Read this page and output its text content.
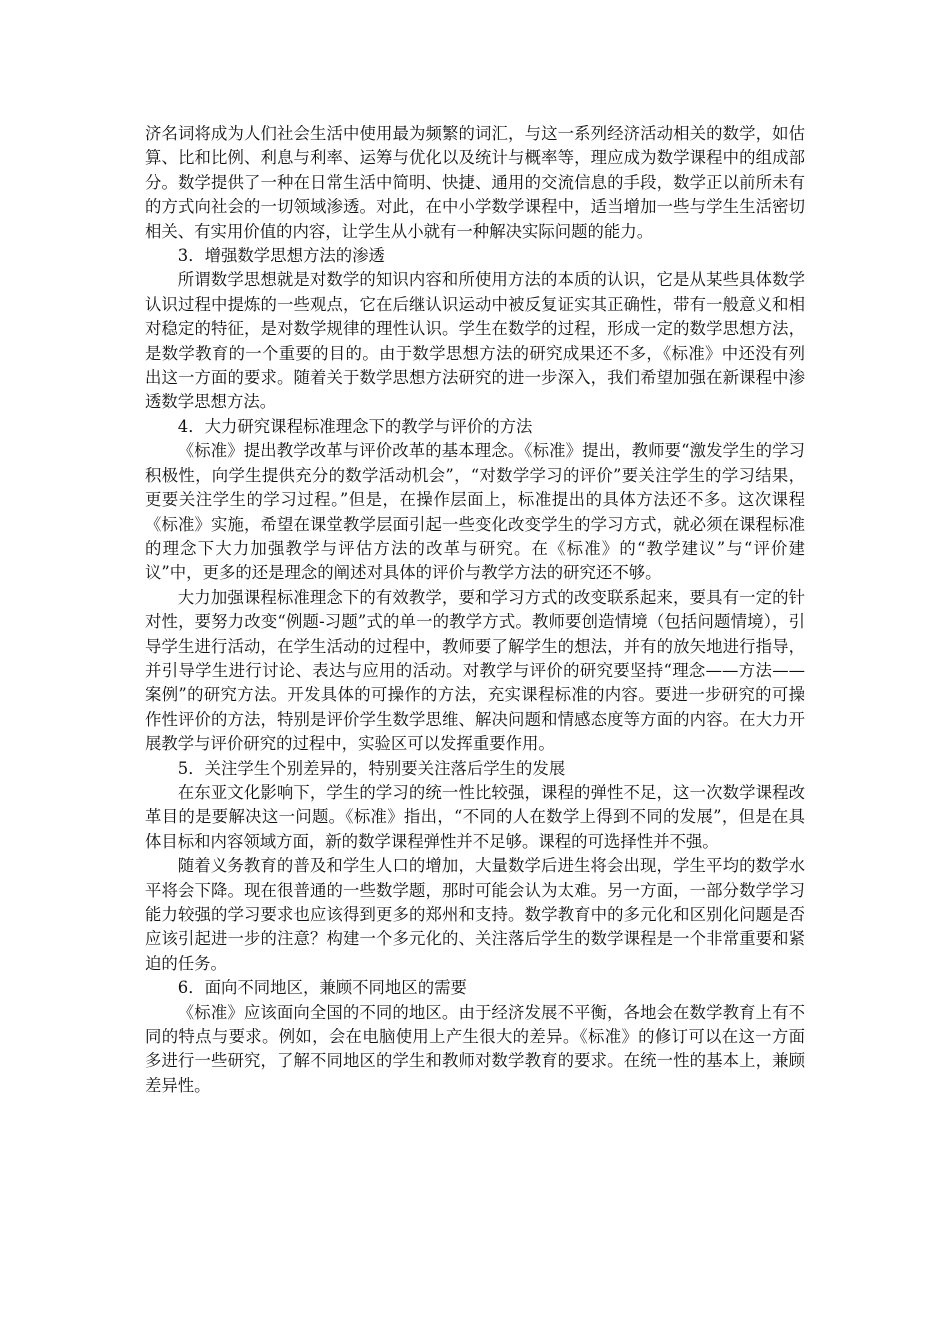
济名词将成为人们社会生活中使用最为频繁的词汇，与这一系列经济活动相关的数学，如估算、比和比例、利息与利率、运筹与优化以及统计与概率等，理应成为数学课程中的组成部分。数学提供了一种在日常生活中简明、快捷、通用的交流信息的手段，数学正以前所未有的方式向社会的一切领域渗透。对此，在中小学数学课程中，适当增加一些与学生生活密切相关、有实用价值的内容，让学生从小就有一种解决实际问题的能力。

3．增强数学思想方法的渗透

所谓数学思想就是对数学的知识内容和所使用方法的本质的认识，它是从某些具体数学认识过程中提炼的一些观点，它在后继认识运动中被反复证实其正确性，带有一般意义和相对稳定的特征，是对数学规律的理性认识。学生在数学的过程，形成一定的数学思想方法，是数学教育的一个重要的目的。由于数学思想方法的研究成果还不多，《标准》中还没有列出这一方面的要求。随着关于数学思想方法研究的进一步深入，我们希望加强在新课程中渗透数学思想方法。

4．大力研究课程标准理念下的教学与评价的方法

《标准》提出教学改革与评价改革的基本理念。《标准》提出，教师要“激发学生的学习积极性，向学生提供充分的数学活动机会”，“对数学学习的评价”要关注学生的学习结果，更要关注学生的学习过程。”但是，在操作层面上，标准提出的具体方法还不多。这次课程《标准》实施，希望在课堂教学层面引起一些变化改变学生的学习方式，就必须在课程标准的理念下大力加强教学与评估方法的改革与研究。在《标准》的“教学建议”与“评价建议”中，更多的还是理念的阐述对具体的评价与教学方法的研究还不够。

大力加强课程标准理念下的有效教学，要和学习方式的改变联系起来，要具有一定的针对性，要努力改变“例题-习题”式的单一的教学方式。教师要创造情境（包括问题情境），引导学生进行活动，在学生活动的过程中，教师要了解学生的想法，并有的放矢地进行指导，并引导学生进行讨论、表达与应用的活动。对教学与评价的研究要坚持“理念——方法——案例”的研究方法。开发具体的可操作的方法，充实课程标准的内容。要进一步研究的可操作性评价的方法，特别是评价学生数学思维、解决问题和情感态度等方面的内容。在大力开展教学与评价研究的过程中，实验区可以发挥重要作用。

5．关注学生个别差异的，特别要关注落后学生的发展

在东亚文化影响下，学生的学习的统一性比较强，课程的弹性不足，这一次数学课程改革目的是要解决这一问题。《标准》指出，“不同的人在数学上得到不同的发展”，但是在具体目标和内容领域方面，新的数学课程弹性并不足够。课程的可选择性并不强。

随着义务教育的普及和学生人口的增加，大量数学后进生将会出现，学生平均的数学水平将会下降。现在很普通的一些数学题，那时可能会认为太难。另一方面，一部分数学学习能力较强的学习要求也应该得到更多的郑州和支持。数学教育中的多元化和区别化问题是否应该引起进一步的注意？构建一个多元化的、关注落后学生的数学课程是一个非常重要和紧迫的任务。

6．面向不同地区，兼顾不同地区的需要

《标准》应该面向全国的不同的地区。由于经济发展不平衡，各地会在数学教育上有不同的特点与要求。例如，会在电脑使用上产生很大的差异。《标准》的修订可以在这一方面多进行一些研究，了解不同地区的学生和教师对数学教育的要求。在统一性的基本上，兼顾差异性。
